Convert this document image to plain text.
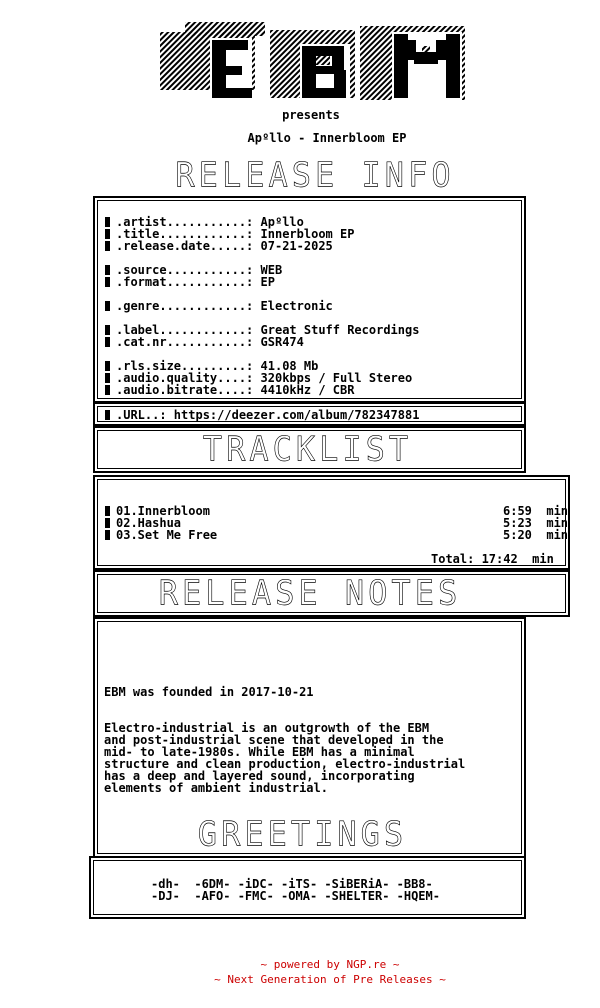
presents
Apºllo - Innerbloom EP
RELEASE INFO
.artist...........: Apºllo
.title............: Innerbloom EP
.release.date.....: 07-21-2025
.source...........: WEB
.format...........: EP
.genre............: Electronic
.label............: Great Stuff Recordings
.cat.nr...........: GSR474
.rls.size.........: 41.08 Mb
.audio.quality....: 320kbps / Full Stereo
.audio.bitrate....: 4410kHz / CBR
.URL..: https://deezer.com/album/782347881
TRACKLIST
01.Innerbloom	6:59  min
02.Hashua	5:23  min
03.Set Me Free	5:20  min
Total: 17:42  min
RELEASE NOTES
EBM was founded in 2017-10-21
Electro-industrial is an outgrowth of the EBM
and post-industrial scene that developed in the
mid- to late-1980s. While EBM has a minimal
structure and clean production, electro-industrial
has a deep and layered sound, incorporating
elements of ambient industrial.
GREETINGS
-dh-  -6DM- -iDC- -iTS- -SiBERiA- -BB8-
-DJ-  -AFO- -FMC- -OMA- -SHELTER- -HQEM-
~ powered by NGP.re ~
~ Next Generation of Pre Releases ~
